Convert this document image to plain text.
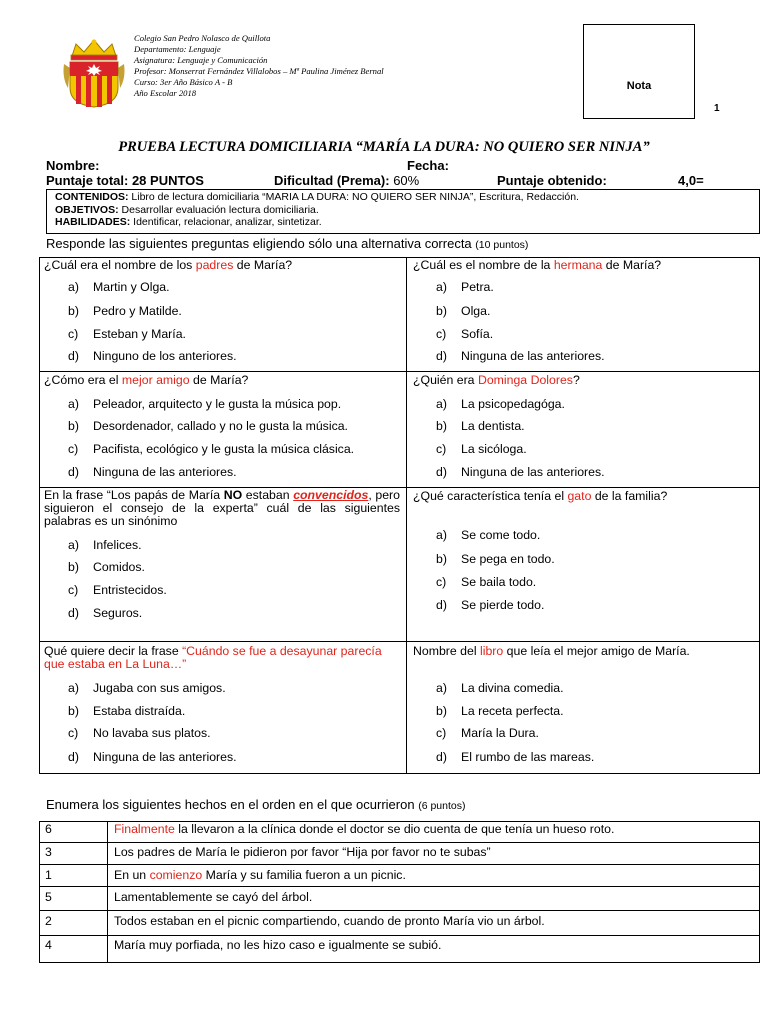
Colegio San Pedro Nolasco de Quillota
Departamento: Lenguaje
Asignatura: Lenguaje y Comunicación
Profesor: Monserrat Fernández Villalobos – Mª Paulina Jiménez Bernal
Curso: 3er Año Básico A - B
Año Escolar 2018
Nota
1
PRUEBA LECTURA DOMICILIARIA “MARÍA LA DURA: NO QUIERO SER NINJA”
Nombre:	Fecha:
Puntaje total: 28 PUNTOS	Dificultad (Prema): 60%	Puntaje obtenido:	4,0=
CONTENIDOS: Libro de lectura domiciliaria “MARIA LA DURA: NO QUIERO SER NINJA”, Escritura, Redacción.
OBJETIVOS: Desarrollar evaluación lectura domiciliaria.
HABILIDADES: Identificar, relacionar, analizar, sintetizar.
Responde las siguientes preguntas eligiendo sólo una alternativa correcta (10 puntos)
¿Cuál era el nombre de los padres de María?
a) Martin y Olga.
b) Pedro y Matilde.
c) Esteban y María.
d) Ninguno de los anteriores.
¿Cuál es el nombre de la hermana de María?
a) Petra.
b) Olga.
c) Sofía.
d) Ninguna de las anteriores.
¿Cómo era el mejor amigo de María?
a) Peleador, arquitecto y le gusta la música pop.
b) Desordenador, callado y no le gusta la música.
c) Pacifista, ecológico y le gusta la música clásica.
d) Ninguna de las anteriores.
¿Quién era Dominga Dolores?
a) La psicopedagóga.
b) La dentista.
c) La sicóloga.
d) Ninguna de las anteriores.
En la frase “Los papás de María NO estaban convencidos, pero siguieron el consejo de la experta” cuál de las siguientes palabras es un sinónimo
a) Infelices.
b) Comidos.
c) Entristecidos.
d) Seguros.
¿Qué característica tenía el gato de la familia?
a) Se come todo.
b) Se pega en todo.
c) Se baila todo.
d) Se pierde todo.
Qué quiere decir la frase “Cuándo se fue a desayunar parecía que estaba en La Luna…”
a) Jugaba con sus amigos.
b) Estaba distraída.
c) No lavaba sus platos.
d) Ninguna de las anteriores.
Nombre del libro que leía el mejor amigo de María.
a) La divina comedia.
b) La receta perfecta.
c) María la Dura.
d) El rumbo de las mareas.
Enumera los siguientes hechos en el orden en el que ocurrieron (6 puntos)
6	Finalmente la llevaron a la clínica donde el doctor se dio cuenta de que tenía un hueso roto.
3	Los padres de María le pidieron por favor “Hija por favor no te subas”
1	En un comienzo María y su familia fueron a un picnic.
5	Lamentablemente se cayó del árbol.
2	Todos estaban en el picnic compartiendo, cuando de pronto María vio un árbol.
4	María muy porfiada, no les hizo caso e igualmente se subió.
